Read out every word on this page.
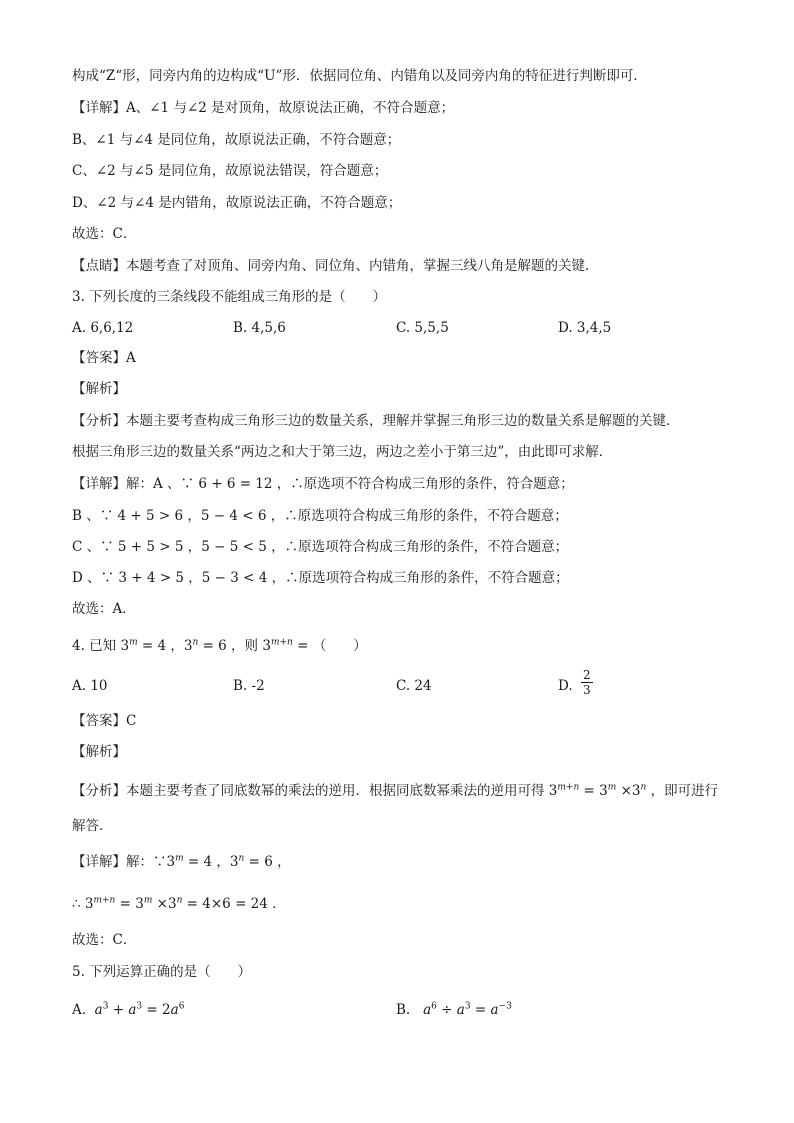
构成“Z“形，同旁内角的边构成“U”形．依据同位角、内错角以及同旁内角的特征进行判断即可．
【详解】A、∠1 与∠2 是对顶角，故原说法正确，不符合题意；
B、∠1 与∠4 是同位角，故原说法正确，不符合题意；
C、∠2 与∠5 是同位角，故原说法错误，符合题意；
D、∠2 与∠4 是内错角，故原说法正确，不符合题意；
故选：C．
【点睛】本题考查了对顶角、同旁内角、同位角、内错角，掌握三线八角是解题的关键．
3. 下列长度的三条线段不能组成三角形的是（　　）
A. 6,6,12	B. 4,5,6	C. 5,5,5	D. 3,4,5
【答案】A
【解析】
【分析】本题主要考查构成三角形三边的数量关系，理解并掌握三角形三边的数量关系是解题的关键．
根据三角形三边的数量关系“两边之和大于第三边，两边之差小于第三边”，由此即可求解．
【详解】解：A 、∵ 6 + 6 = 12 ，∴原选项不符合构成三角形的条件，符合题意；
B 、∵ 4 + 5 > 6 ，5 − 4 < 6 ，∴原选项符合构成三角形的条件，不符合题意；
C 、∵ 5 + 5 > 5 ，5 − 5 < 5 ，∴原选项符合构成三角形的条件，不符合题意；
D 、∵ 3 + 4 > 5 ，5 − 3 < 4 ，∴原选项符合构成三角形的条件，不符合题意；
故选：A．
4. 已知 $3^m = 4$ ，$3^n = 6$ ，则 $3^{m+n}$ = （　　）
A. 10	B. -2	C. 24	D. $\frac{2}{3}$
【答案】C
【解析】
【分析】本题主要考查了同底数幂的乘法的逆用．根据同底数幂乘法的逆用可得 $3^{m+n} = 3^m \times 3^n$ ，即可进行
解答．
【详解】解：$\because 3^m = 4$ ，$3^n = 6$ ，
∴ $3^{m+n} = 3^m \times 3^n = 4\times 6 = 24$ ．
故选：C．
5. 下列运算正确的是（　　）
A. $a^3 + a^3 = 2a^6$	B. $a^6 \div a^3 = a^{-3}$
